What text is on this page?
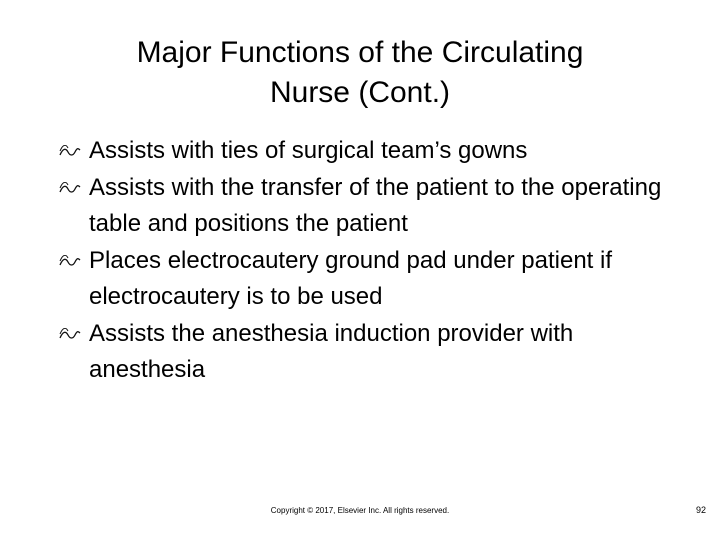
Major Functions of the Circulating
Nurse (Cont.)
Assists with ties of surgical team’s gowns
Assists with the transfer of the patient to the operating table and positions the patient
Places electrocautery ground pad under patient if electrocautery is to be used
Assists the anesthesia induction provider with anesthesia
Copyright © 2017, Elsevier Inc. All rights reserved.	92
